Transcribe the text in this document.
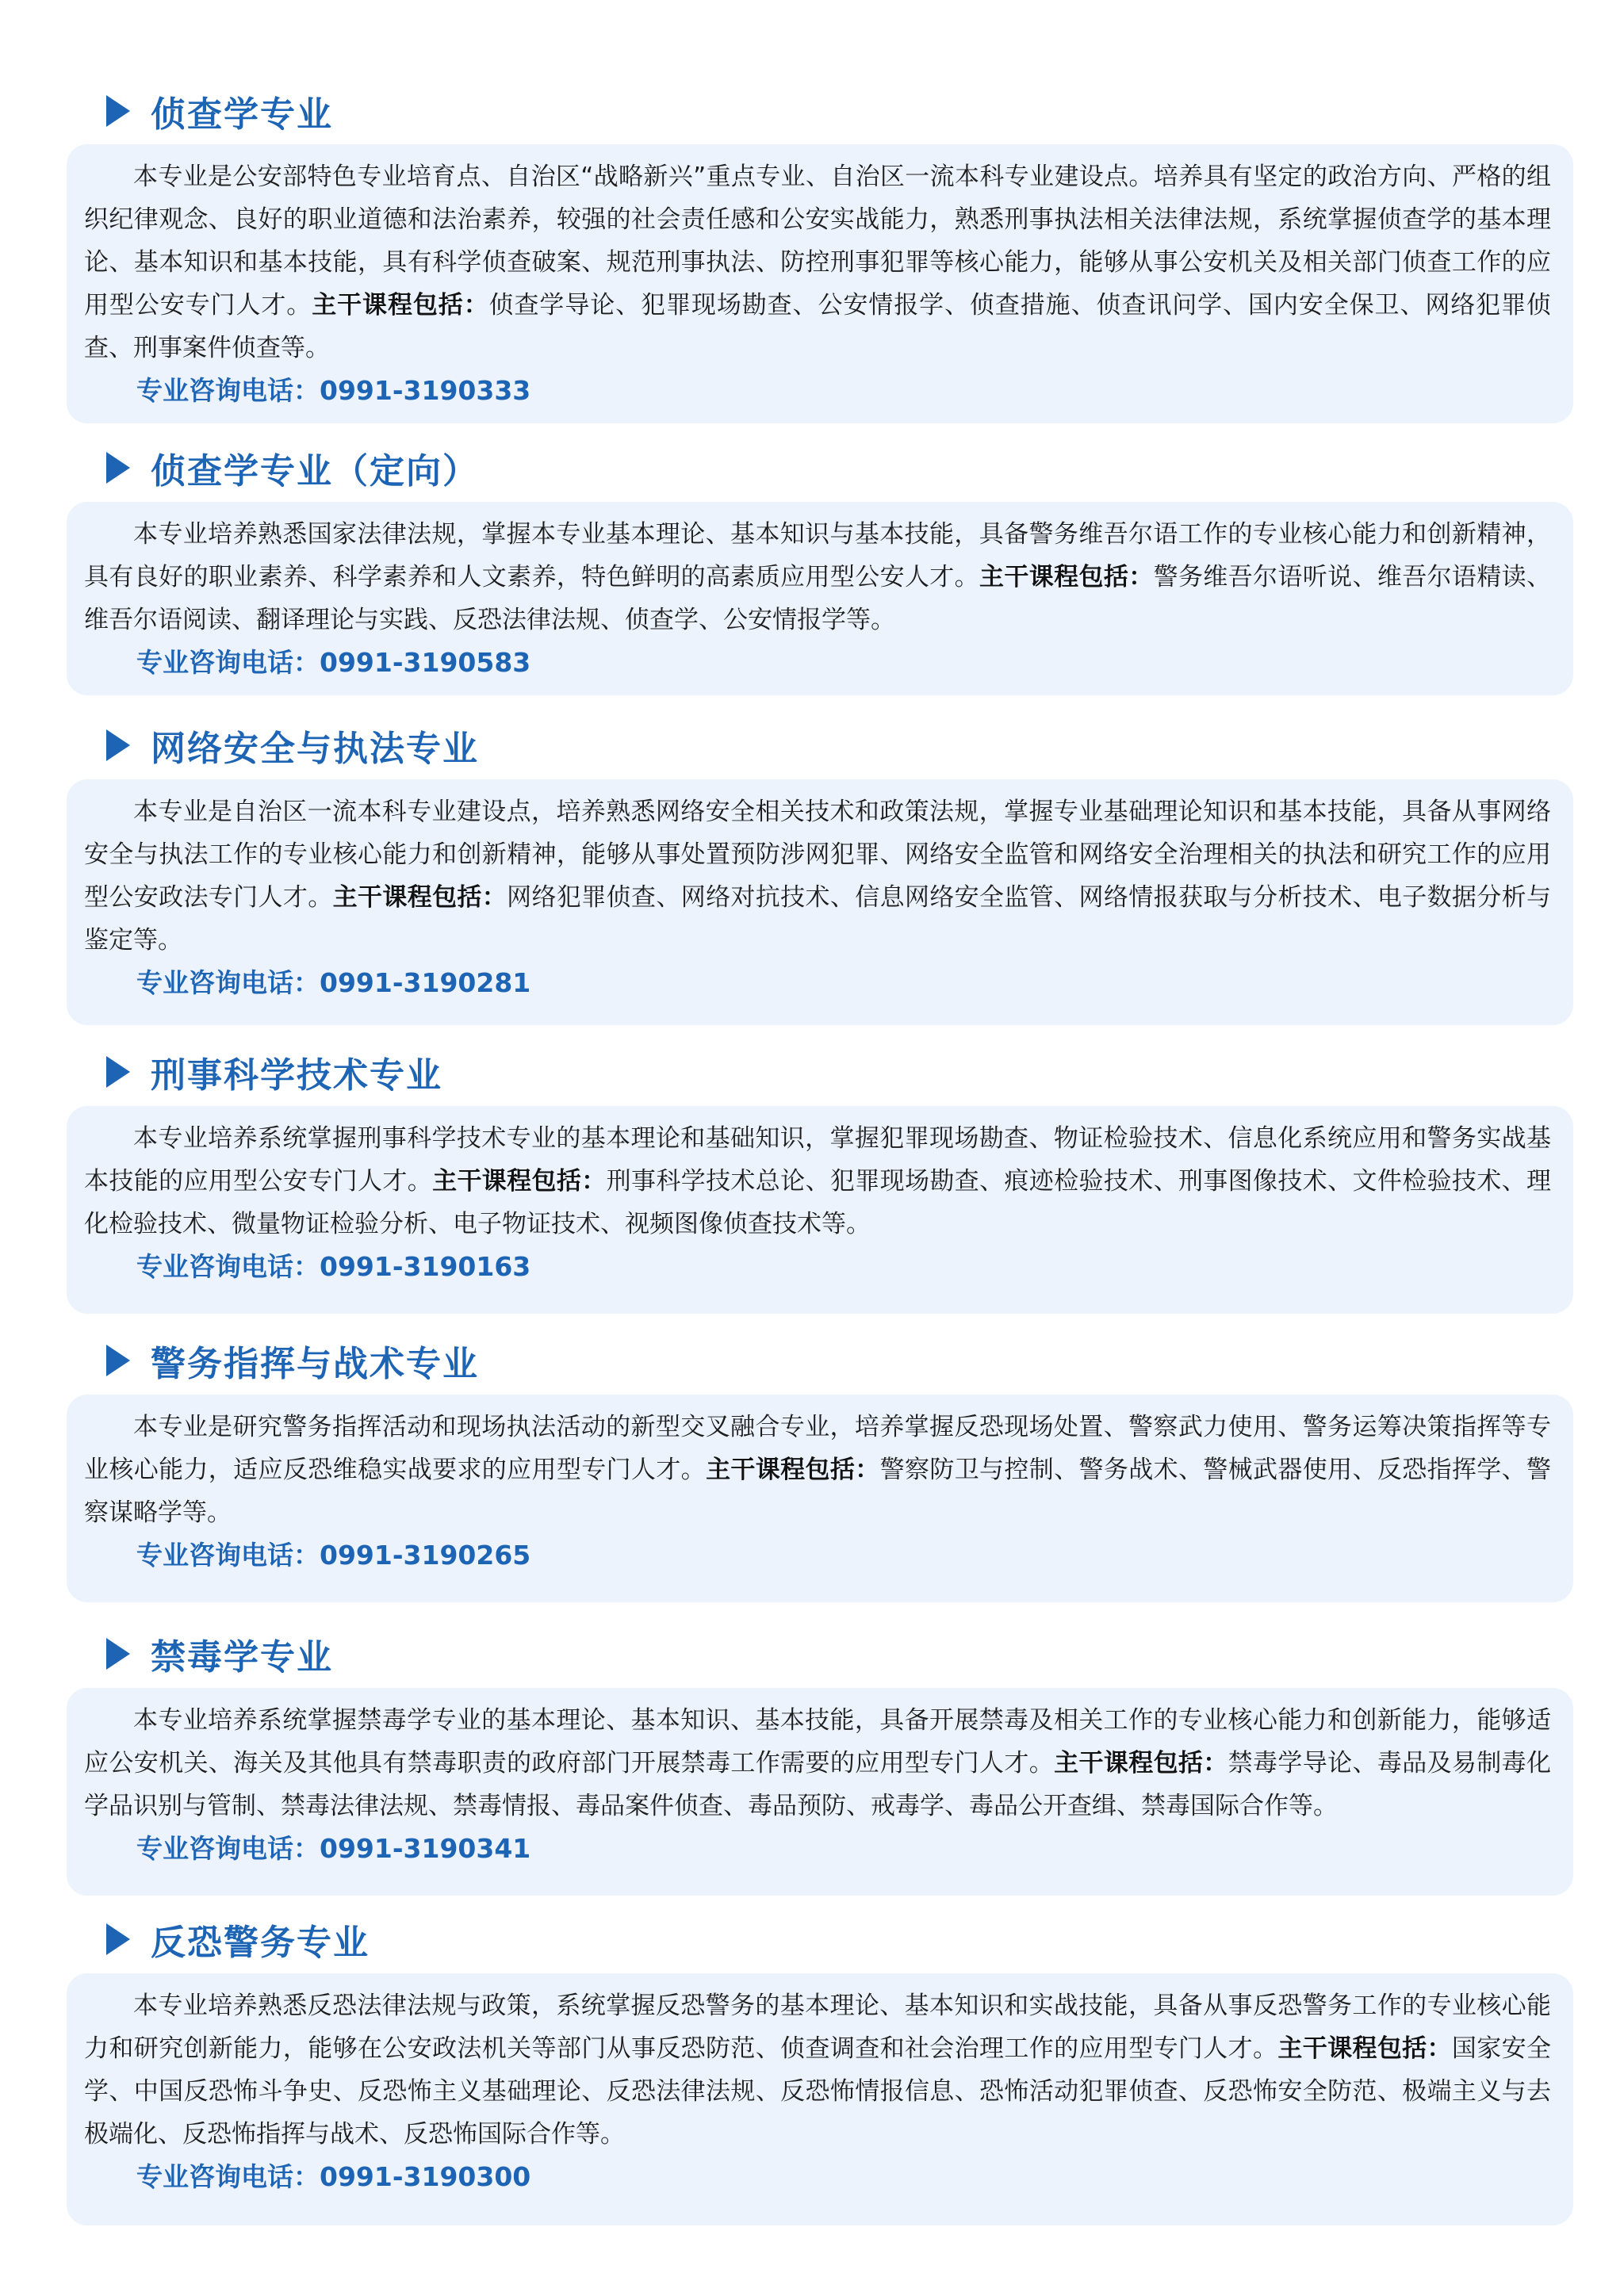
侦查学专业

本专业是公安部特色专业培育点、自治区“战略新兴”重点专业、自治区一流本科专业建设点。培养具有坚定的政治方向、严格的组织纪律观念、良好的职业道德和法治素养，较强的社会责任感和公安实战能力，熟悉刑事执法相关法律法规，系统掌握侦查学的基本理论、基本知识和基本技能，具有科学侦查破案、规范刑事执法、防控刑事犯罪等核心能力，能够从事公安机关及相关部门侦查工作的应用型公安专门人才。主干课程包括：侦查学导论、犯罪现场勘查、公安情报学、侦查措施、侦查讯问学、国内安全保卫、网络犯罪侦查、刑事案件侦查等。

专业咨询电话：0991-3190333
侦查学专业（定向）

本专业培养熟悉国家法律法规，掌握本专业基本理论、基本知识与基本技能，具备警务维吾尔语工作的专业核心能力和创新精神，具有良好的职业素养、科学素养和人文素养，特色鲜明的高素质应用型公安人才。主干课程包括：警务维吾尔语听说、维吾尔语精读、维吾尔语阅读、翻译理论与实践、反恐法律法规、侦查学、公安情报学等。

专业咨询电话：0991-3190583
网络安全与执法专业

本专业是自治区一流本科专业建设点，培养熟悉网络安全相关技术和政策法规，掌握专业基础理论知识和基本技能，具备从事网络安全与执法工作的专业核心能力和创新精神，能够从事处置预防涉网犯罪、网络安全监管和网络安全治理相关的执法和研究工作的应用型公安政法专门人才。主干课程包括：网络犯罪侦查、网络对抗技术、信息网络安全监管、网络情报获取与分析技术、电子数据分析与鉴定等。

专业咨询电话：0991-3190281
刑事科学技术专业

本专业培养系统掌握刑事科学技术专业的基本理论和基础知识，掌握犯罪现场勘查、物证检验技术、信息化系统应用和警务实战基本技能的应用型公安专门人才。主干课程包括：刑事科学技术总论、犯罪现场勘查、痕迹检验技术、刑事图像技术、文件检验技术、理化检验技术、微量物证检验分析、电子物证技术、视频图像侦查技术等。

专业咨询电话：0991-3190163
警务指挥与战术专业

本专业是研究警务指挥活动和现场执法活动的新型交叉融合专业，培养掌握反恐现场处置、警察武力使用、警务运筹决策指挥等专业核心能力，适应反恐维稳实战要求的应用型专门人才。主干课程包括：警察防卫与控制、警务战术、警械武器使用、反恐指挥学、警察谋略学等。

专业咨询电话：0991-3190265
禁毒学专业

本专业培养系统掌握禁毒学专业的基本理论、基本知识、基本技能，具备开展禁毒及相关工作的专业核心能力和创新能力，能够适应公安机关、海关及其他具有禁毒职责的政府部门开展禁毒工作需要的应用型专门人才。主干课程包括：禁毒学导论、毒品及易制毒化学品识别与管制、禁毒法律法规、禁毒情报、毒品案件侦查、毒品预防、戒毒学、毒品公开查缉、禁毒国际合作等。

专业咨询电话：0991-3190341
反恐警务专业

本专业培养熟悉反恐法律法规与政策，系统掌握反恐警务的基本理论、基本知识和实战技能，具备从事反恐警务工作的专业核心能力和研究创新能力，能够在公安政法机关等部门从事反恐防范、侦查调查和社会治理工作的应用型专门人才。主干课程包括：国家安全学、中国反恐怖斗争史、反恐怖主义基础理论、反恐法律法规、反恐怖情报信息、恐怖活动犯罪侦查、反恐怖安全防范、极端主义与去极端化、反恐怖指挥与战术、反恐怖国际合作等。

专业咨询电话：0991-3190300
